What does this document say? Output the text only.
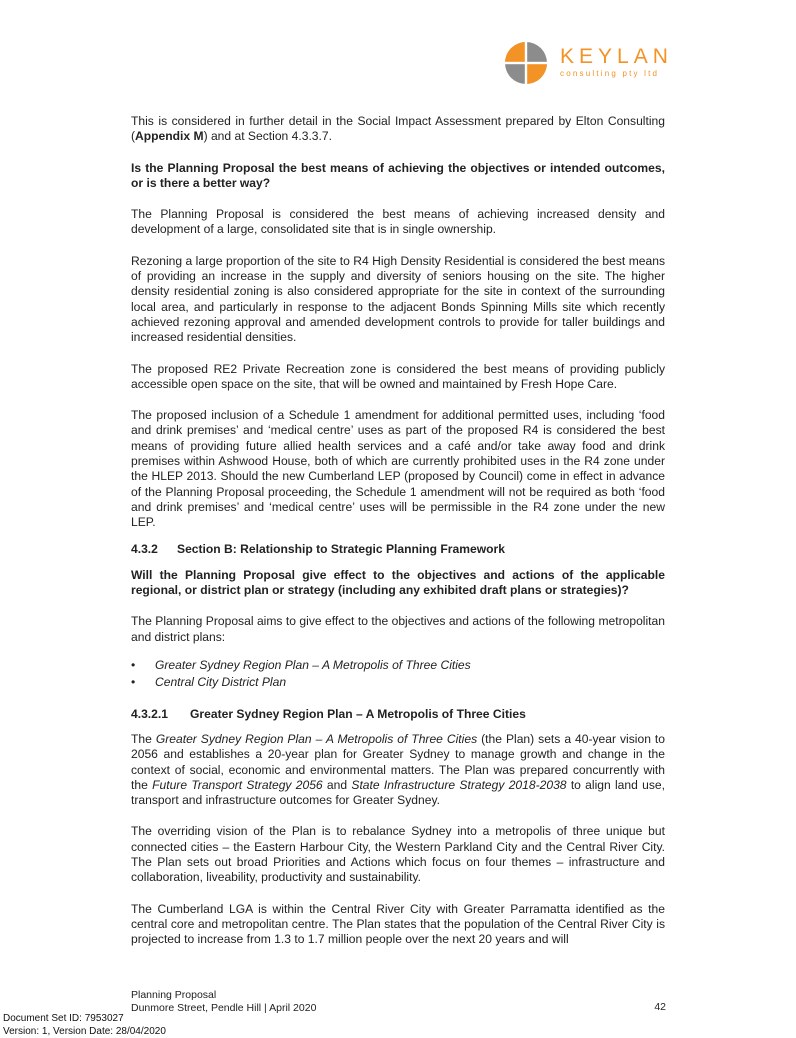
KEYLAN
consulting pty ltd

This is considered in further detail in the Social Impact Assessment prepared by Elton Consulting (Appendix M) and at Section 4.3.3.7.

Is the Planning Proposal the best means of achieving the objectives or intended outcomes, or is there a better way?

The Planning Proposal is considered the best means of achieving increased density and development of a large, consolidated site that is in single ownership.

Rezoning a large proportion of the site to R4 High Density Residential is considered the best means of providing an increase in the supply and diversity of seniors housing on the site. The higher density residential zoning is also considered appropriate for the site in context of the surrounding local area, and particularly in response to the adjacent Bonds Spinning Mills site which recently achieved rezoning approval and amended development controls to provide for taller buildings and increased residential densities.

The proposed RE2 Private Recreation zone is considered the best means of providing publicly accessible open space on the site, that will be owned and maintained by Fresh Hope Care.

The proposed inclusion of a Schedule 1 amendment for additional permitted uses, including ‘food and drink premises’ and ‘medical centre’ uses as part of the proposed R4 is considered the best means of providing future allied health services and a café and/or take away food and drink premises within Ashwood House, both of which are currently prohibited uses in the R4 zone under the HLEP 2013. Should the new Cumberland LEP (proposed by Council) come in effect in advance of the Planning Proposal proceeding, the Schedule 1 amendment will not be required as both ‘food and drink premises’ and ‘medical centre’ uses will be permissible in the R4 zone under the new LEP.

4.3.2 Section B: Relationship to Strategic Planning Framework

Will the Planning Proposal give effect to the objectives and actions of the applicable regional, or district plan or strategy (including any exhibited draft plans or strategies)?

The Planning Proposal aims to give effect to the objectives and actions of the following metropolitan and district plans:

• Greater Sydney Region Plan – A Metropolis of Three Cities
• Central City District Plan
4.3.2.1 Greater Sydney Region Plan – A Metropolis of Three Cities

The Greater Sydney Region Plan – A Metropolis of Three Cities (the Plan) sets a 40-year vision to 2056 and establishes a 20-year plan for Greater Sydney to manage growth and change in the context of social, economic and environmental matters. The Plan was prepared concurrently with the Future Transport Strategy 2056 and State Infrastructure Strategy 2018-2038 to align land use, transport and infrastructure outcomes for Greater Sydney.

The overriding vision of the Plan is to rebalance Sydney into a metropolis of three unique but connected cities – the Eastern Harbour City, the Western Parkland City and the Central River City. The Plan sets out broad Priorities and Actions which focus on four themes – infrastructure and collaboration, liveability, productivity and sustainability.

The Cumberland LGA is within the Central River City with Greater Parramatta identified as the central core and metropolitan centre. The Plan states that the population of the Central River City is projected to increase from 1.3 to 1.7 million people over the next 20 years and will

Planning Proposal
Dunmore Street, Pendle Hill | April 2020	42
Document Set ID: 7953027
Version: 1, Version Date: 28/04/2020
